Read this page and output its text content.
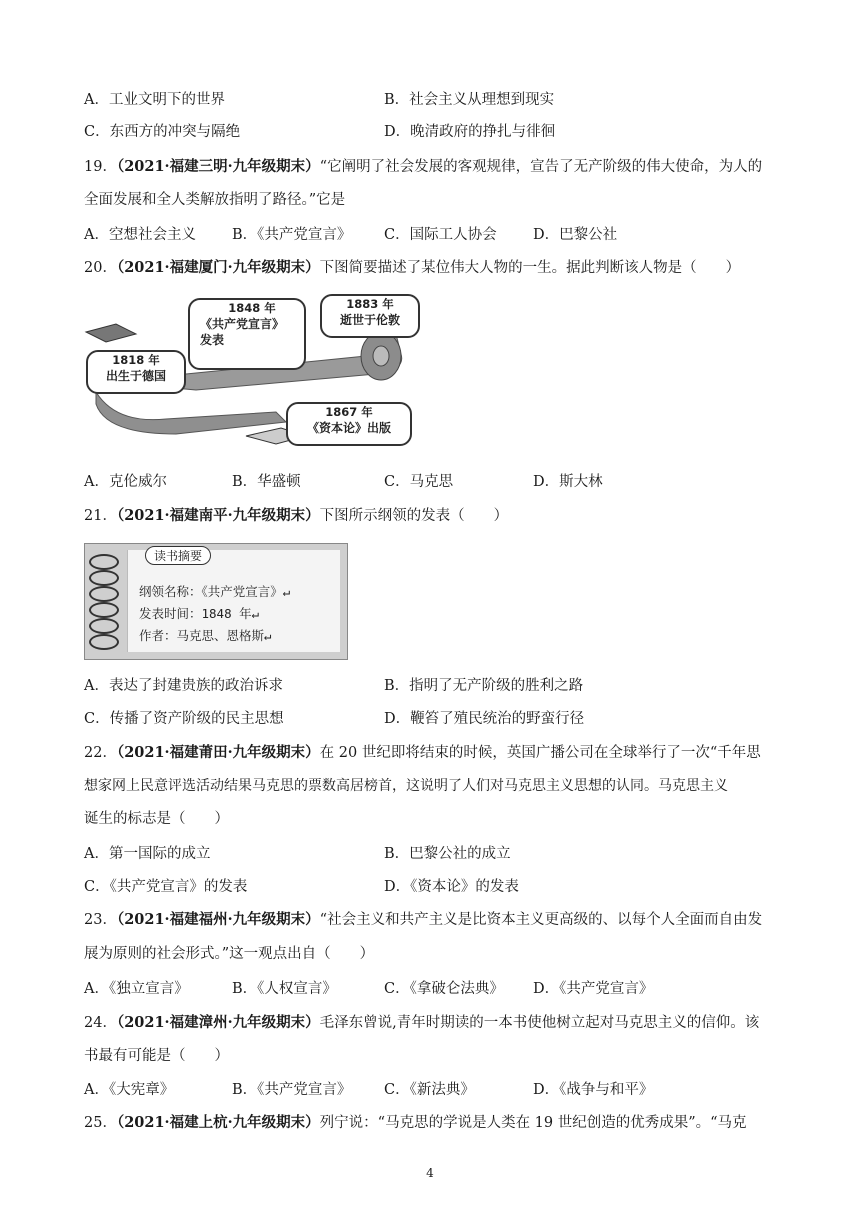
A．工业文明下的世界	B．社会主义从理想到现实
C．东西方的冲突与隔绝	D．晚清政府的挣扎与徘徊
19．（2021·福建三明·九年级期末）“它阐明了社会发展的客观规律，宣告了无产阶级的伟大使命，为人的
全面发展和全人类解放指明了路径。”它是
A．空想社会主义 B．《共产党宣言》 C．国际工人协会	D．巴黎公社
20．（2021·福建厦门·九年级期末）下图简要描述了某位伟大人物的一生。据此判断该人物是（　　）
1818 年
出生于德国
1848 年
《共产党宣言》
发表
1883 年
逝世于伦敦
1867 年
《资本论》出版
A．克伦威尔	B．华盛顿	C．马克思	D．斯大林
21．（2021·福建南平·九年级期末）下图所示纲领的发表（　　）
读书摘要
纲领名称：《共产党宣言》↵
发表时间：1848 年↵
作者：马克思、恩格斯↵
A．表达了封建贵族的政治诉求	B．指明了无产阶级的胜利之路
C．传播了资产阶级的民主思想	D．鞭笞了殖民统治的野蛮行径
22．（2021·福建莆田·九年级期末）在 20 世纪即将结束的时候，英国广播公司在全球举行了一次“千年思
想家网上民意评选活动结果马克思的票数高居榜首，这说明了人们对马克思主义思想的认同。马克思主义
诞生的标志是（　　）
A．第一国际的成立	B．巴黎公社的成立
C．《共产党宣言》的发表	D．《资本论》的发表
23．（2021·福建福州·九年级期末）“社会主义和共产主义是比资本主义更高级的、以每个人全面而自由发
展为原则的社会形式。”这一观点出自（　　）
A．《独立宣言》	B．《人权宣言》	C．《拿破仑法典》 D．《共产党宣言》
24．（2021·福建漳州·九年级期末）毛泽东曾说,青年时期读的一本书使他树立起对马克思主义的信仰。该
书最有可能是（　　）
A．《大宪章》	B．《共产党宣言》 C．《新法典》	D．《战争与和平》
25．（2021·福建上杭·九年级期末）列宁说：“马克思的学说是人类在 19 世纪创造的优秀成果”。“马克
4
